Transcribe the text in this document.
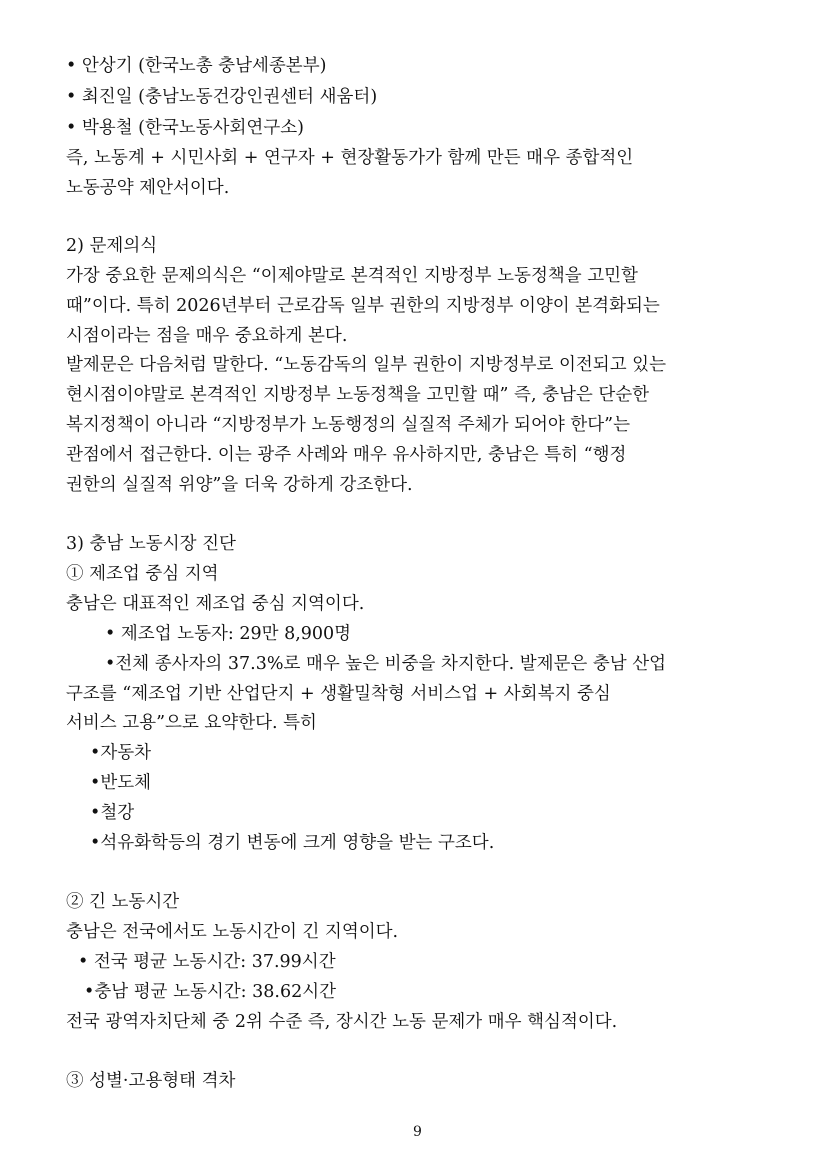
• 안상기 (한국노총 충남세종본부)
• 최진일 (충남노동건강인권센터 새움터)
• 박용철 (한국노동사회연구소)
즉, 노동계 + 시민사회 + 연구자 + 현장활동가가 함께 만든 매우 종합적인
노동공약 제안서이다.
2) 문제의식
가장 중요한 문제의식은 “이제야말로 본격적인 지방정부 노동정책을 고민할
때”이다. 특히 2026년부터 근로감독 일부 권한의 지방정부 이양이 본격화되는
시점이라는 점을 매우 중요하게 본다.
발제문은 다음처럼 말한다. “노동감독의 일부 권한이 지방정부로 이전되고 있는
현시점이야말로 본격적인 지방정부 노동정책을 고민할 때” 즉, 충남은 단순한
복지정책이 아니라 “지방정부가 노동행정의 실질적 주체가 되어야 한다”는
관점에서 접근한다. 이는 광주 사례와 매우 유사하지만, 충남은 특히 “행정
권한의 실질적 위양”을 더욱 강하게 강조한다.
3) 충남 노동시장 진단
① 제조업 중심 지역
충남은 대표적인 제조업 중심 지역이다.
• 제조업 노동자: 29만 8,900명
•전체 종사자의 37.3%로 매우 높은 비중을 차지한다. 발제문은 충남 산업
구조를 “제조업 기반 산업단지 + 생활밀착형 서비스업 + 사회복지 중심
서비스 고용”으로 요약한다. 특히
•자동차
•반도체
•철강
•석유화학등의 경기 변동에 크게 영향을 받는 구조다.
② 긴 노동시간
충남은 전국에서도 노동시간이 긴 지역이다.
• 전국 평균 노동시간: 37.99시간
•충남 평균 노동시간: 38.62시간
전국 광역자치단체 중 2위 수준 즉, 장시간 노동 문제가 매우 핵심적이다.
③ 성별·고용형태 격차
9
